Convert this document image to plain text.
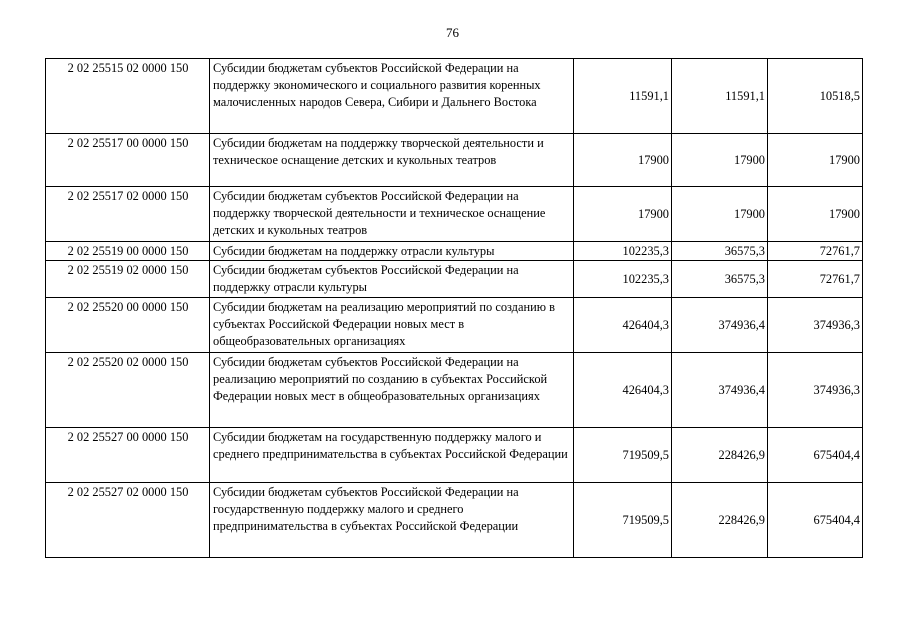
76
2 02 25515 02 0000 150	Субсидии бюджетам субъектов Российской Федерации на поддержку экономического и социального развития коренных малочисленных народов Севера, Сибири и Дальнего Востока	11591,1	11591,1	10518,5
2 02 25517 00 0000 150	Субсидии бюджетам на поддержку творческой деятельности и техническое оснащение детских и кукольных театров	17900	17900	17900
2 02 25517 02 0000 150	Субсидии бюджетам субъектов Российской Федерации на поддержку творческой деятельности и техническое оснащение детских и кукольных театров	17900	17900	17900
2 02 25519 00 0000 150	Субсидии бюджетам на поддержку отрасли культуры	102235,3	36575,3	72761,7
2 02 25519 02 0000 150	Субсидии бюджетам субъектов Российской Федерации на поддержку отрасли культуры	102235,3	36575,3	72761,7
2 02 25520 00 0000 150	Субсидии бюджетам на реализацию мероприятий по созданию в субъектах Российской Федерации новых мест в общеобразовательных организациях	426404,3	374936,4	374936,3
2 02 25520 02 0000 150	Субсидии бюджетам субъектов Российской Федерации на реализацию мероприятий по созданию в субъектах Российской Федерации новых мест в общеобразовательных организациях	426404,3	374936,4	374936,3
2 02 25527 00 0000 150	Субсидии бюджетам на государственную поддержку малого и среднего предпринимательства в субъектах Российской Федерации	719509,5	228426,9	675404,4
2 02 25527 02 0000 150	Субсидии бюджетам субъектов Российской Федерации на государственную поддержку малого и среднего предпринимательства в субъектах Российской Федерации	719509,5	228426,9	675404,4
